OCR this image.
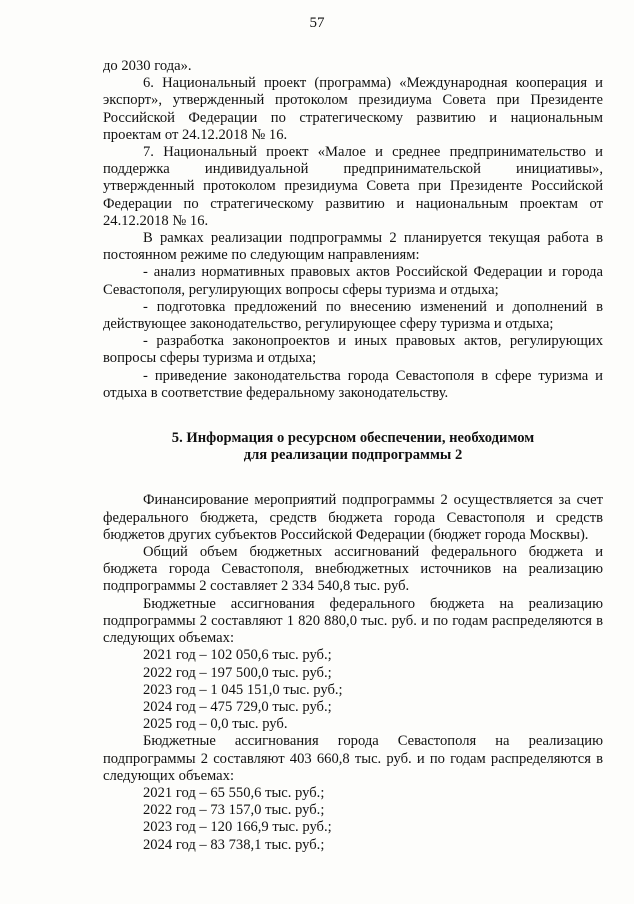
57

до 2030 года».

6. Национальный проект (программа) «Международная кооперация и экспорт», утвержденный протоколом президиума Совета при Президенте Российской Федерации по стратегическому развитию и национальным проектам от 24.12.2018 № 16.

7. Национальный проект «Малое и среднее предпринимательство и поддержка индивидуальной предпринимательской инициативы», утвержденный протоколом президиума Совета при Президенте Российской Федерации по стратегическому развитию и национальным проектам от 24.12.2018 № 16.

В рамках реализации подпрограммы 2 планируется текущая работа в постоянном режиме по следующим направлениям:

- анализ нормативных правовых актов Российской Федерации и города Севастополя, регулирующих вопросы сферы туризма и отдыха;

- подготовка предложений по внесению изменений и дополнений в действующее законодательство, регулирующее сферу туризма и отдыха;

- разработка законопроектов и иных правовых актов, регулирующих вопросы сферы туризма и отдыха;

- приведение законодательства города Севастополя в сфере туризма и отдыха в соответствие федеральному законодательству.

5. Информация о ресурсном обеспечении, необходимом
для реализации подпрограммы 2

Финансирование мероприятий подпрограммы 2 осуществляется за счет федерального бюджета, средств бюджета города Севастополя и средств бюджетов других субъектов Российской Федерации (бюджет города Москвы).

Общий объем бюджетных ассигнований федерального бюджета и бюджета города Севастополя, внебюджетных источников на реализацию подпрограммы 2 составляет 2 334 540,8 тыс. руб.

Бюджетные ассигнования федерального бюджета на реализацию подпрограммы 2 составляют 1 820 880,0 тыс. руб. и по годам распределяются в следующих объемах:

2021 год – 102 050,6 тыс. руб.;

2022 год – 197 500,0 тыс. руб.;

2023 год – 1 045 151,0 тыс. руб.;

2024 год – 475 729,0 тыс. руб.;

2025 год – 0,0 тыс. руб.

Бюджетные ассигнования города Севастополя на реализацию подпрограммы 2 составляют 403 660,8 тыс. руб. и по годам распределяются в следующих объемах:

2021 год – 65 550,6 тыс. руб.;

2022 год – 73 157,0 тыс. руб.;

2023 год – 120 166,9 тыс. руб.;

2024 год – 83 738,1 тыс. руб.;
